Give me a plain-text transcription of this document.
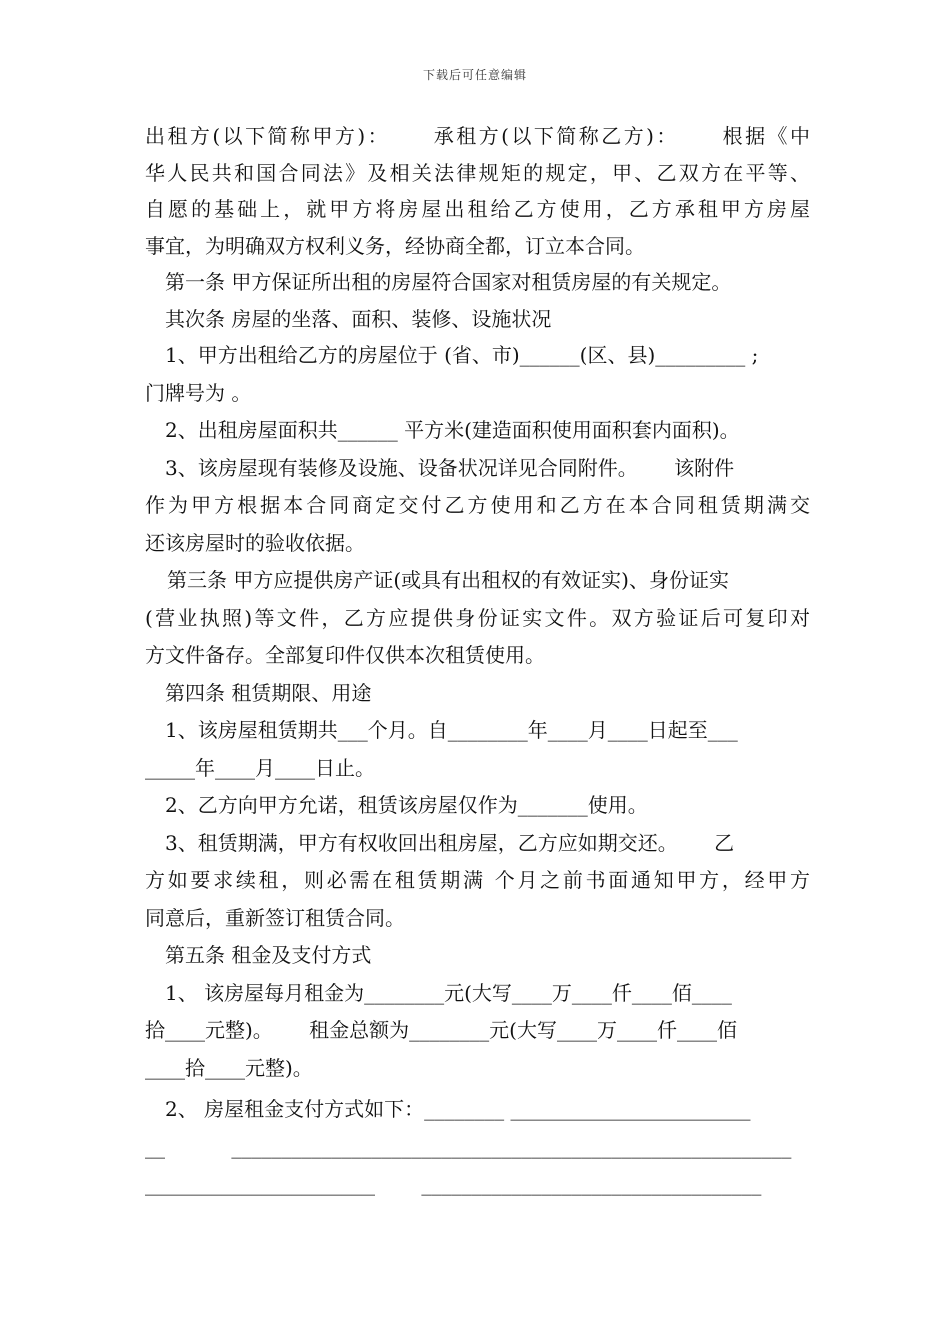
下载后可任意编辑
出租方(以下简称甲方)：　　 承租方(以下简称乙方)：　　 根据《中
华人民共和国合同法》及相关法律规矩的规定，甲、乙双方在平等、
自愿的基础上，就甲方将房屋出租给乙方使用，乙方承租甲方房屋
事宜，为明确双方权利义务，经协商全都，订立本合同。
第一条 甲方保证所出租的房屋符合国家对租赁房屋的有关规定。
其次条 房屋的坐落、面积、装修、设施状况
1、甲方出租给乙方的房屋位于 (省、市)______(区、县)_________ ;
门牌号为 。
2、出租房屋面积共______ 平方米(建造面积使用面积套内面积)。
3、该房屋现有装修及设施、设备状况详见合同附件。　　 该附件
作为甲方根据本合同商定交付乙方使用和乙方在本合同租赁期满交
还该房屋时的验收依据。
第三条 甲方应提供房产证(或具有出租权的有效证实)、身份证实
(营业执照)等文件，乙方应提供身份证实文件。双方验证后可复印对
方文件备存。全部复印件仅供本次租赁使用。
第四条 租赁期限、用途
1、该房屋租赁期共___个月。自________年____月____日起至___
_____年____月____日止。
2、乙方向甲方允诺，租赁该房屋仅作为_______使用。
3、租赁期满，甲方有权收回出租房屋，乙方应如期交还。　　 乙
方如要求续租，则必需在租赁期满 个月之前书面通知甲方，经甲方
同意后，重新签订租赁合同。
第五条 租金及支付方式
1、 该房屋每月租金为________元(大写____万____仟____佰____
拾____元整)。　　 租金总额为________元(大写____万____仟____佰
____拾____元整)。
2、 房屋租金支付方式如下：________ ________________________
__　　　 ________________________________________________________
_______________________　　 __________________________________
